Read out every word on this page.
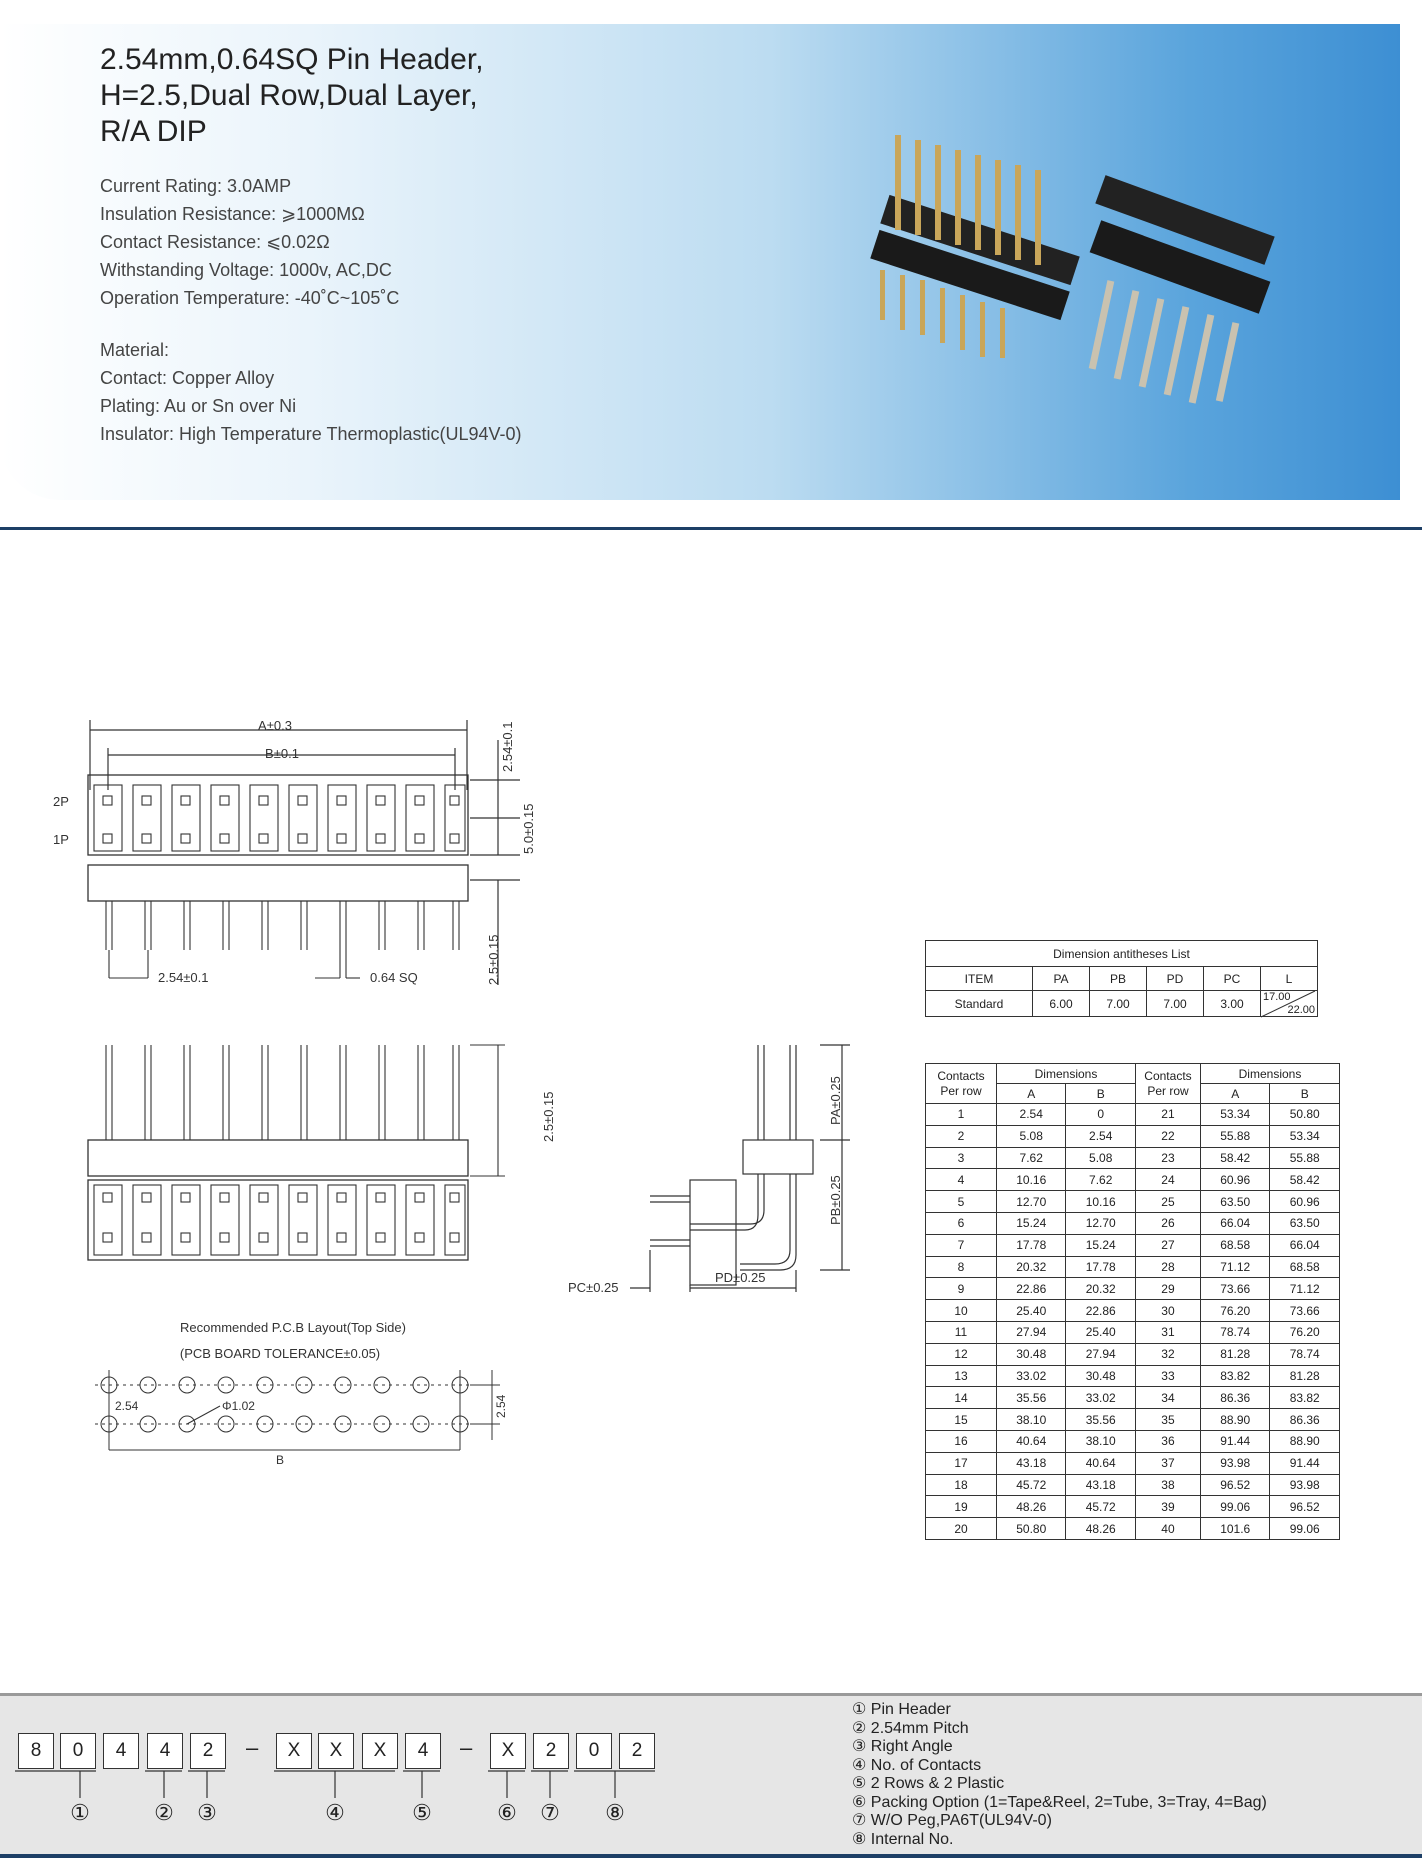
2.54mm,0.64SQ Pin Header,
H=2.5,Dual Row,Dual Layer,
R/A DIP
Current Rating: 3.0AMP
Insulation Resistance: ⩾1000MΩ
Contact Resistance: ⩽0.02Ω
Withstanding Voltage: 1000v, AC,DC
Operation Temperature: -40˚C~105˚C
Material:
Contact: Copper Alloy
Plating: Au or Sn over Ni
Insulator: High Temperature Thermoplastic(UL94V-0)
A±0.3
B±0.1
2P
1P
2.54±0.1	0.64 SQ
2.54±0.1
5.0±0.15
2.5±0.15
2.5±0.15	PA±0.25
PB±0.25
PC±0.25
PD±0.25
Recommended P.C.B Layout(Top Side)
(PCB BOARD TOLERANCE±0.05)
2.54	Φ1.02	2.54
B
Dimension antitheses List					
ITEM	PA	PB	PD	PC	L
Standard	6.00	7.00	7.00	3.00	17.00
22.00
Contacts
Per row	Dimensions		Contacts
Per row	Dimensions	
	A	B		A	B
1	2.54	0	21	53.34	50.80
2	5.08	2.54	22	55.88	53.34
3	7.62	5.08	23	58.42	55.88
4	10.16	7.62	24	60.96	58.42
5	12.70	10.16	25	63.50	60.96
6	15.24	12.70	26	66.04	63.50
7	17.78	15.24	27	68.58	66.04
8	20.32	17.78	28	71.12	68.58
9	22.86	20.32	29	73.66	71.12
10	25.40	22.86	30	76.20	73.66
11	27.94	25.40	31	78.74	76.20
12	30.48	27.94	32	81.28	78.74
13	33.02	30.48	33	83.82	81.28
14	35.56	33.02	34	86.36	83.82
15	38.10	35.56	35	88.90	86.36
16	40.64	38.10	36	91.44	88.90
17	43.18	40.64	37	93.98	91.44
18	45.72	43.18	38	96.52	93.98
19	48.26	45.72	39	99.06	96.52
20	50.80	48.26	40	101.6	99.06
8	0	4	4	2	–	X	X	X	4	–	X	2	0	2
①	② ③	④	⑤	⑥ ⑦ ⑧
① Pin Header
② 2.54mm Pitch
③ Right Angle
④ No. of Contacts
⑤ 2 Rows & 2 Plastic
⑥ Packing Option (1=Tape&Reel, 2=Tube, 3=Tray, 4=Bag)
⑦ W/O Peg,PA6T(UL94V-0)
⑧ Internal No.
